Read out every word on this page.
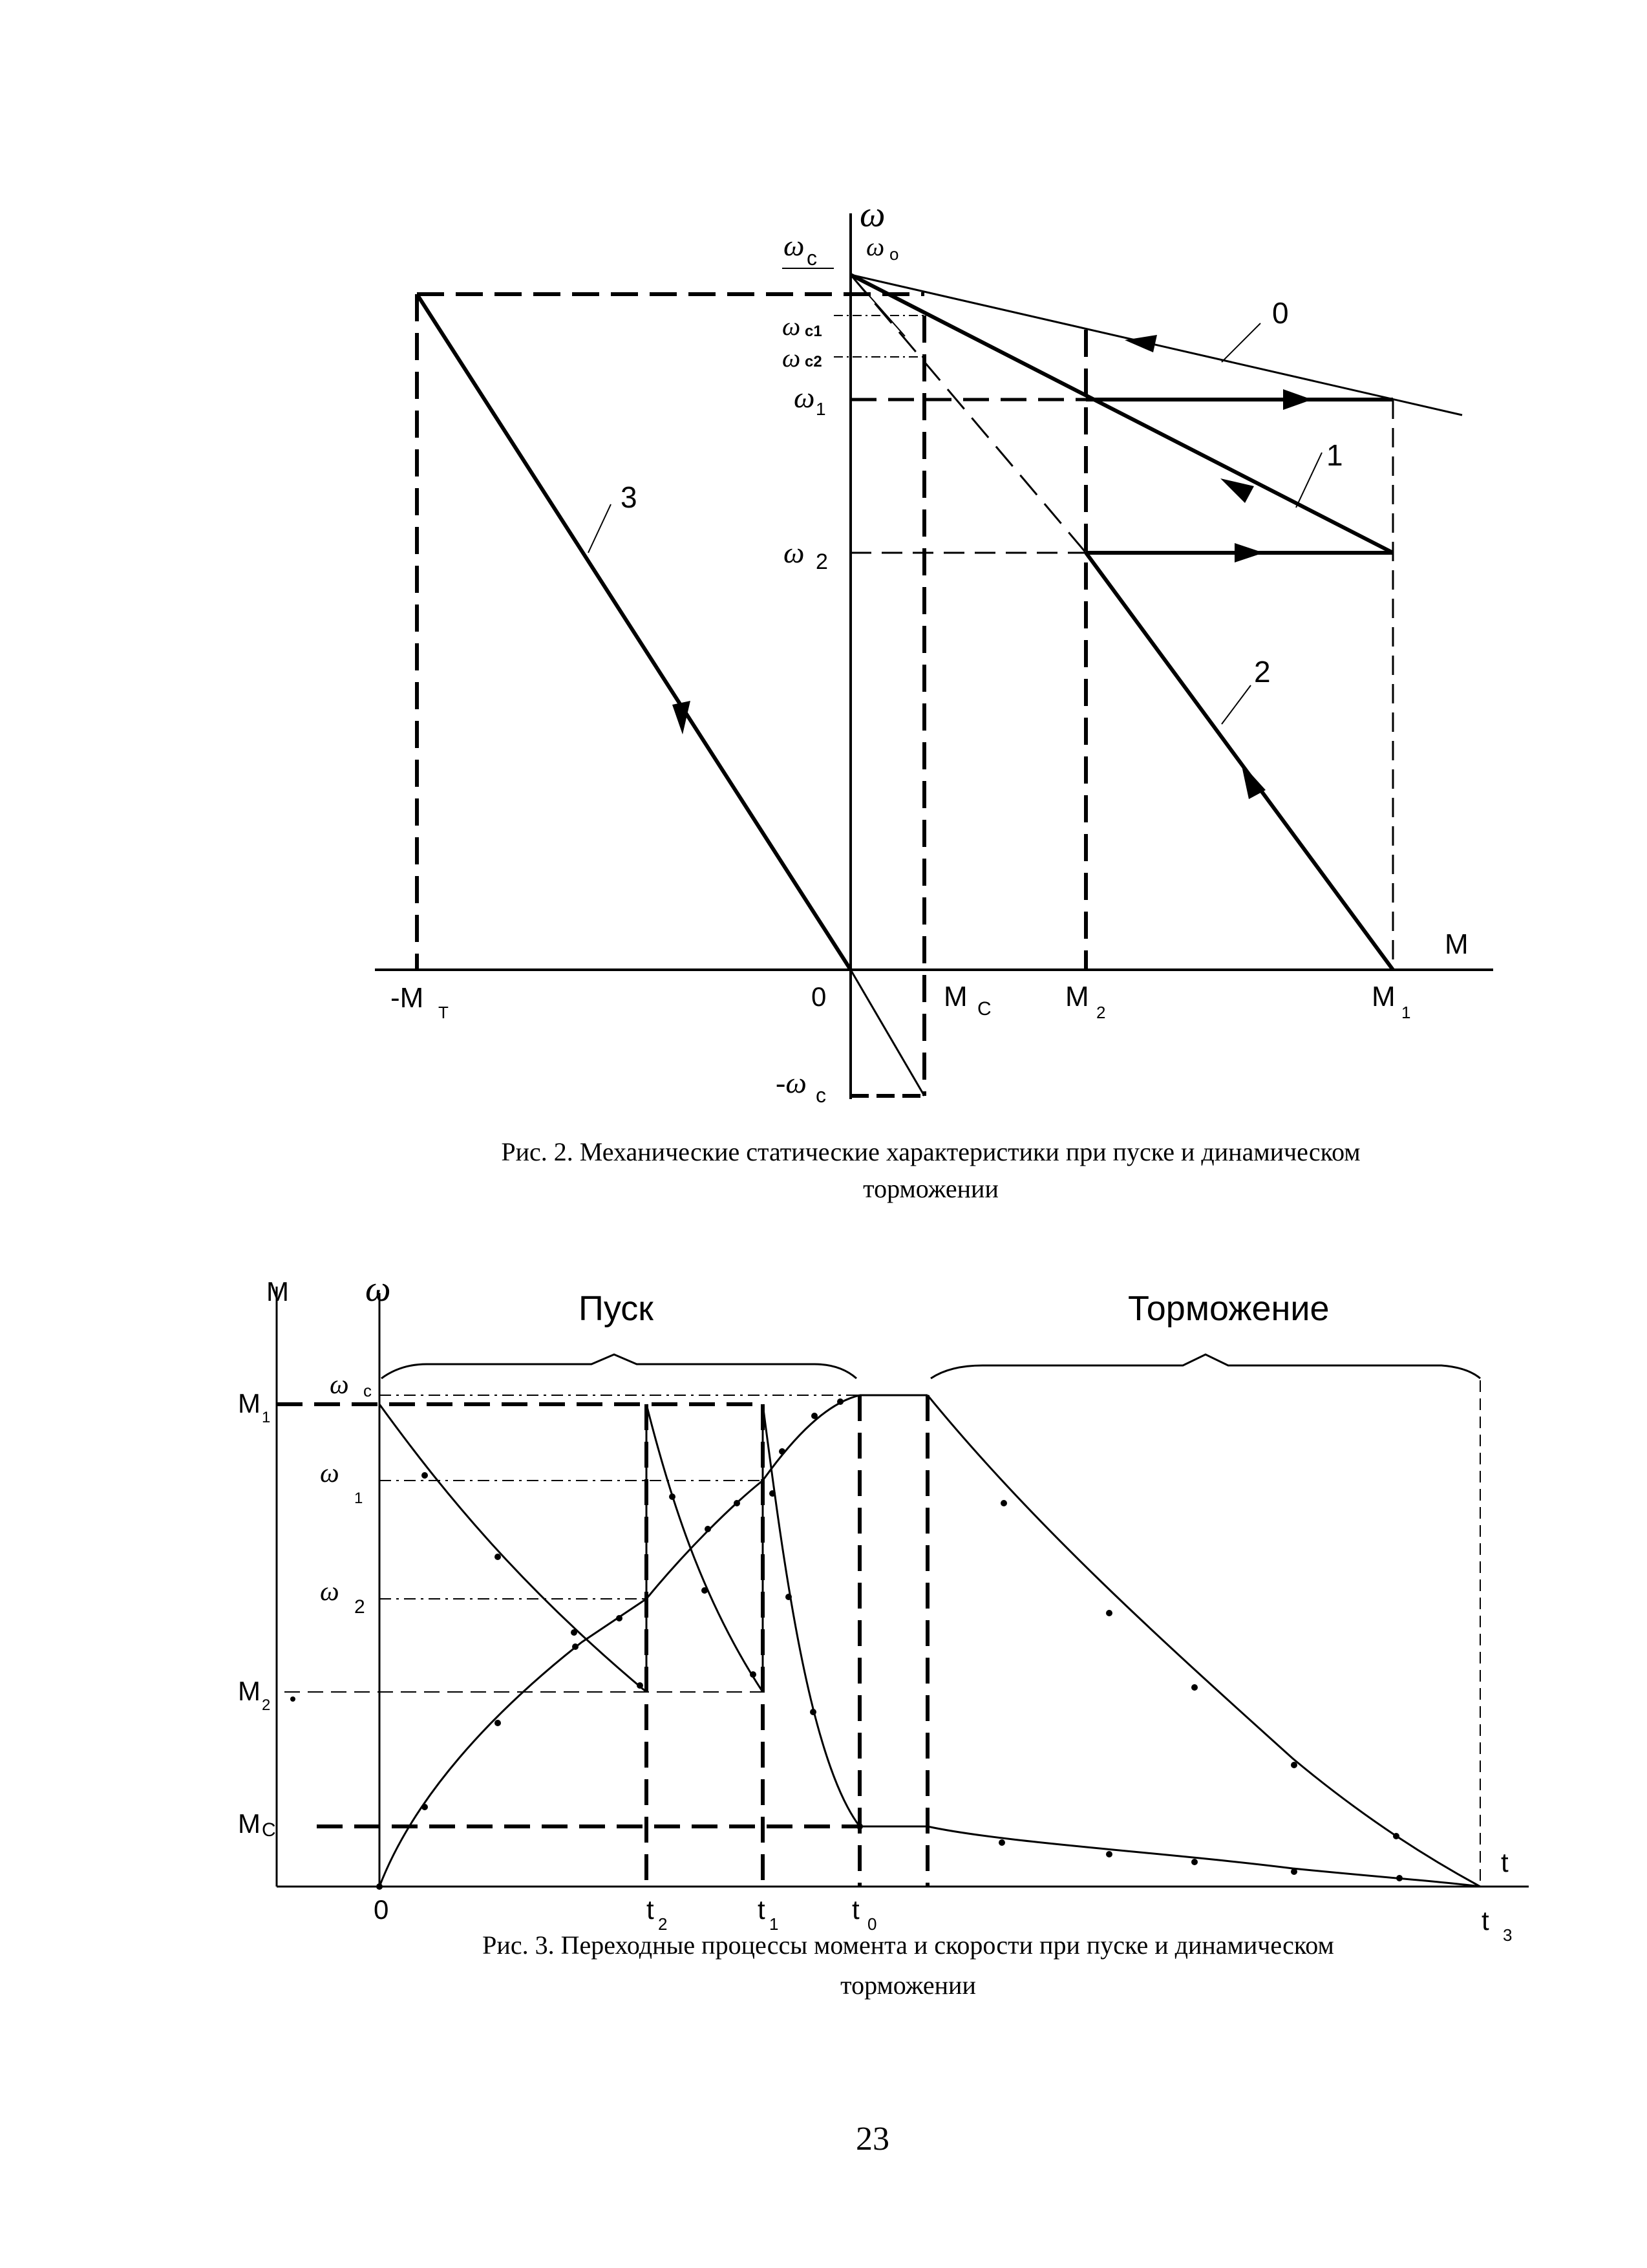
ω
M
ω c ω o
ω c1
ω c2
ω 1
ω 2
-ω c
-M T
0	M C	M 2	M 1
0
1
2
3
Рис. 2. Механические статические характеристики при пуске и динамическом
торможении
M ω
t
Пуск	Торможение
ω c
ω
1
ω
2
M 1
M 2
M C
0	t 2	t 1	t 0	t 3
Рис. 3. Переходные процессы момента и скорости при пуске и динамическом
торможении
23
